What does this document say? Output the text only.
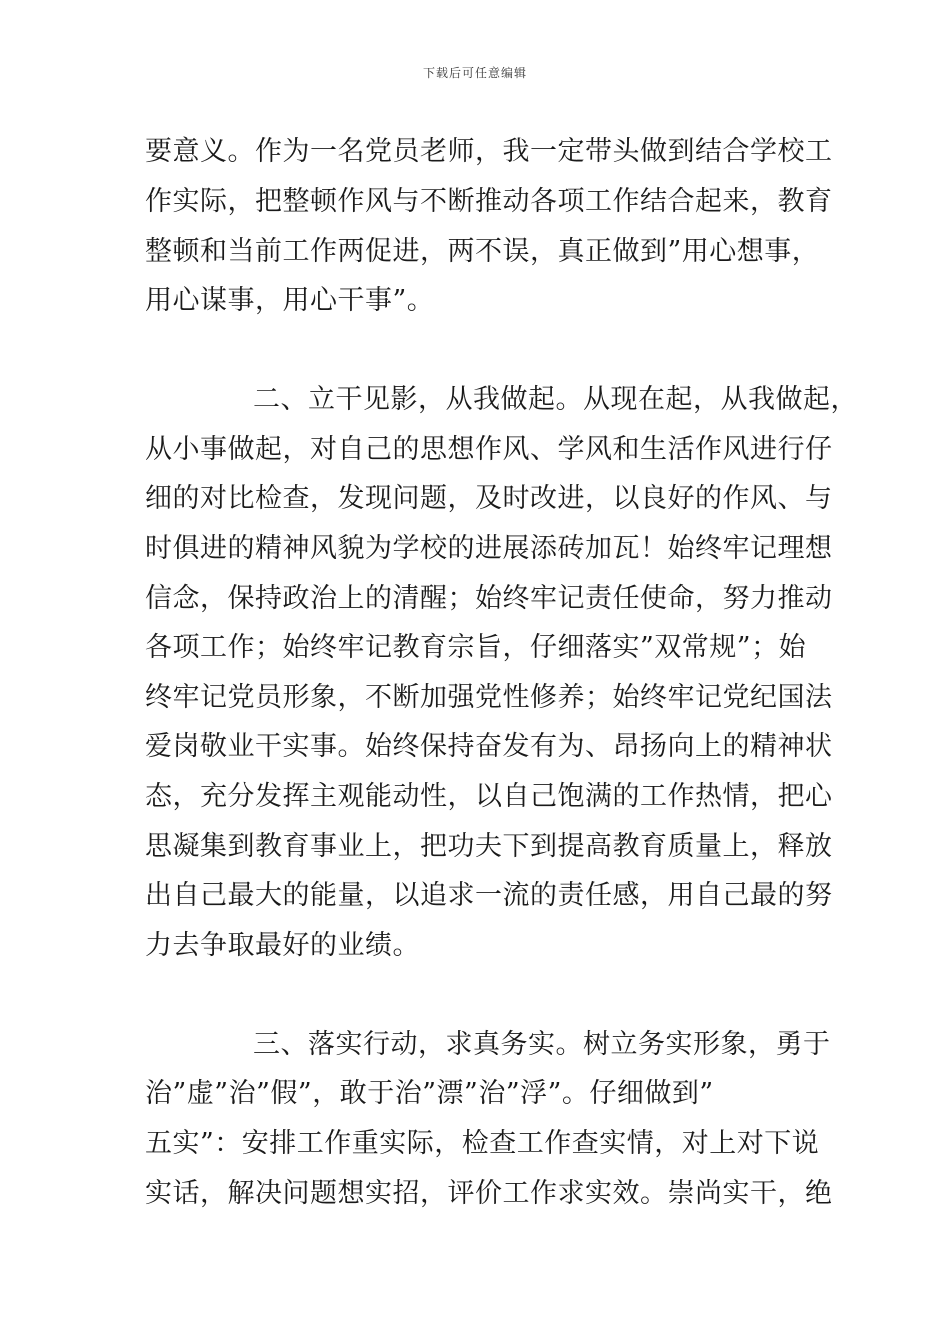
下载后可任意编辑
要意义。作为一名党员老师，我一定带头做到结合学校工
作实际，把整顿作风与不断推动各项工作结合起来，教育
整顿和当前工作两促进，两不误，真正做到”用心想事，
用心谋事，用心干事”。
二、立干见影，从我做起。从现在起，从我做起，
从小事做起，对自己的思想作风、学风和生活作风进行仔
细的对比检查，发现问题，及时改进，以良好的作风、与
时俱进的精神风貌为学校的进展添砖加瓦！始终牢记理想
信念，保持政治上的清醒；始终牢记责任使命，努力推动
各项工作；始终牢记教育宗旨，仔细落实”双常规”；始
终牢记党员形象，不断加强党性修养；始终牢记党纪国法
爱岗敬业干实事。始终保持奋发有为、昂扬向上的精神状
态，充分发挥主观能动性，以自己饱满的工作热情，把心
思凝集到教育事业上，把功夫下到提高教育质量上，释放
出自己最大的能量，以追求一流的责任感，用自己最的努
力去争取最好的业绩。
三、落实行动，求真务实。树立务实形象，勇于
治”虚”治”假”，敢于治”漂”治”浮”。仔细做到”
五实”：安排工作重实际，检查工作查实情，对上对下说
实话，解决问题想实招，评价工作求实效。崇尚实干，绝
